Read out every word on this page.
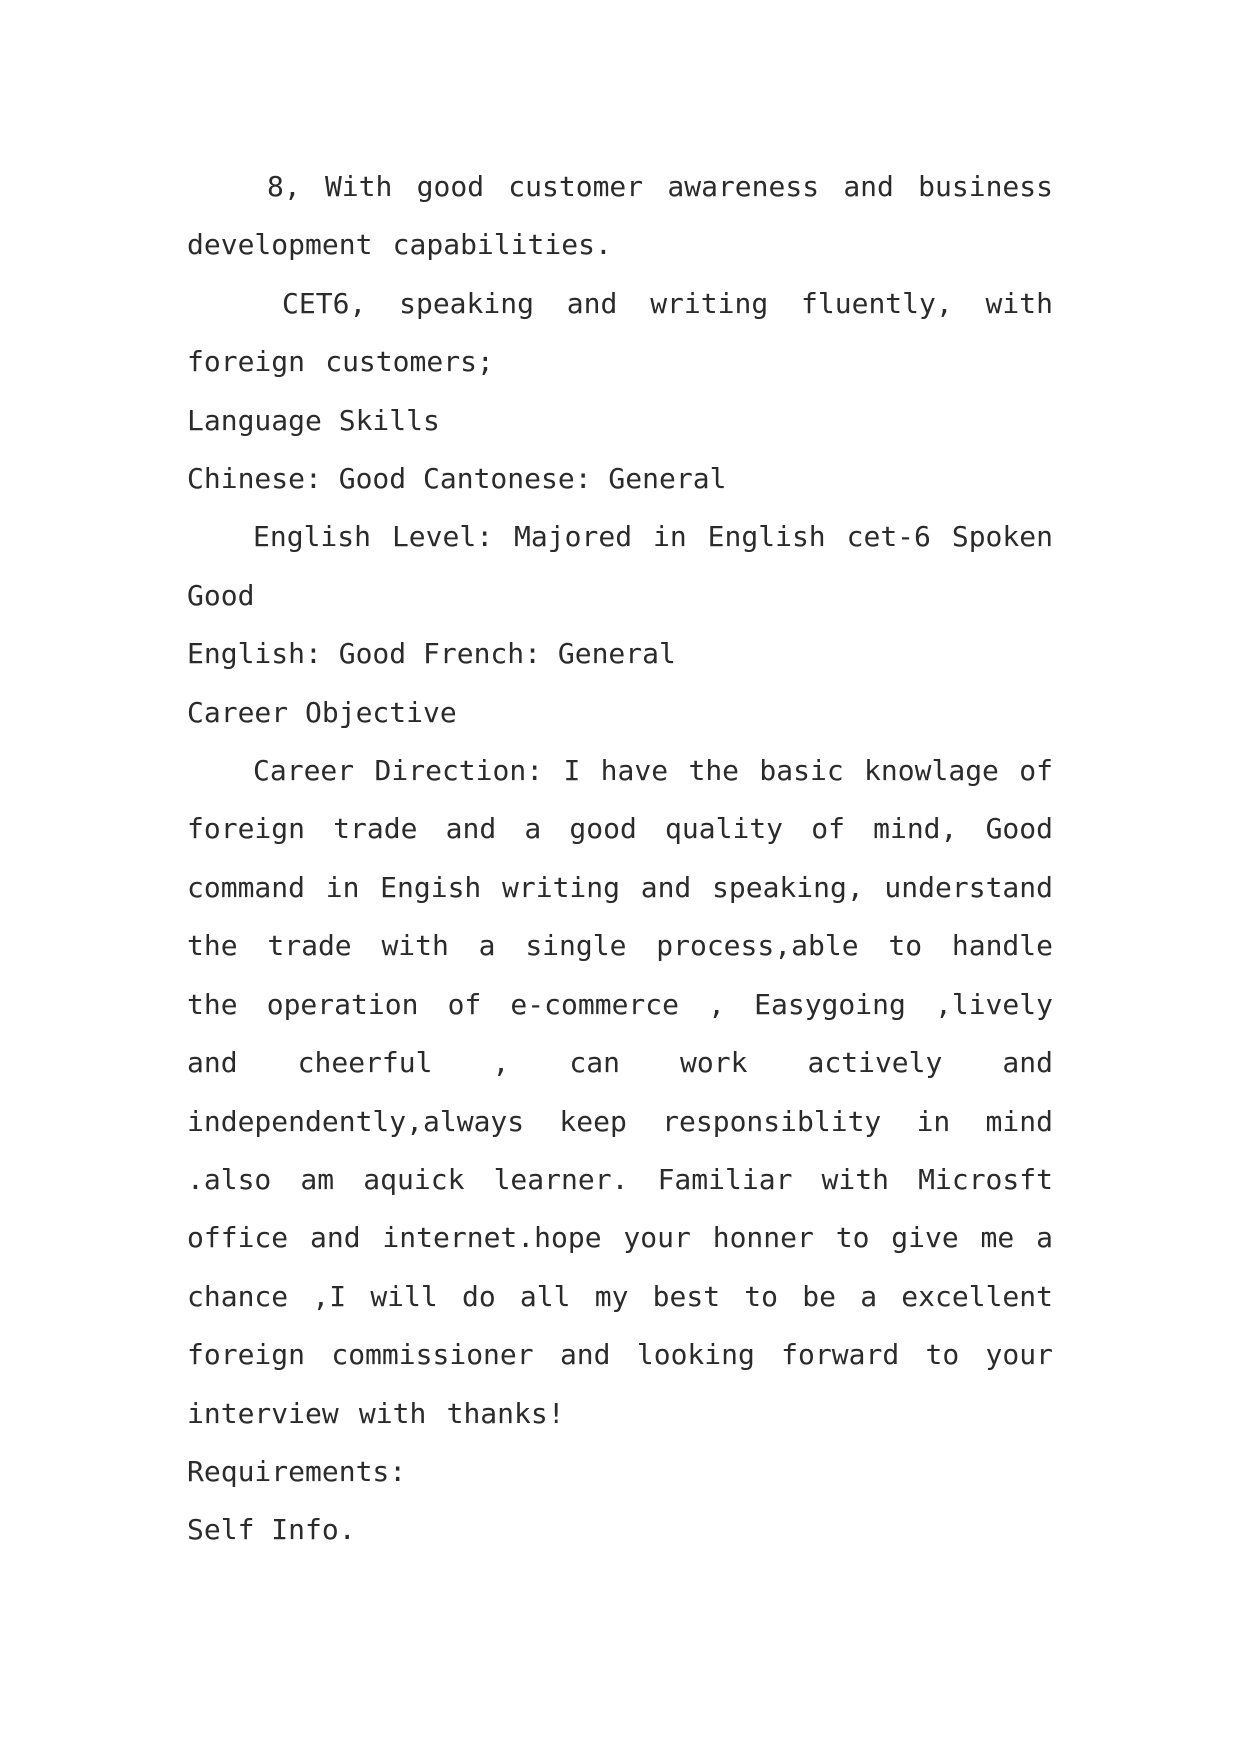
8, With good customer awareness and business development capabilities.

CET6, speaking and writing fluently, with foreign customers;

Language Skills

Chinese: Good Cantonese: General

English Level: Majored in English cet-6 Spoken Good

English: Good French: General

Career Objective

Career Direction: I have the basic knowlage of foreign trade and a good quality of mind, Good command in Engish writing and speaking, understand the trade with a single process,able to handle the operation of e-commerce , Easygoing ,lively and cheerful , can work actively and independently,always keep responsiblity in mind .also am aquick learner. Familiar with Microsft office and internet.hope your honner to give me a chance ,I will do all my best to be a excellent foreign commissioner and looking forward to your interview with thanks!

Requirements:

Self Info.
